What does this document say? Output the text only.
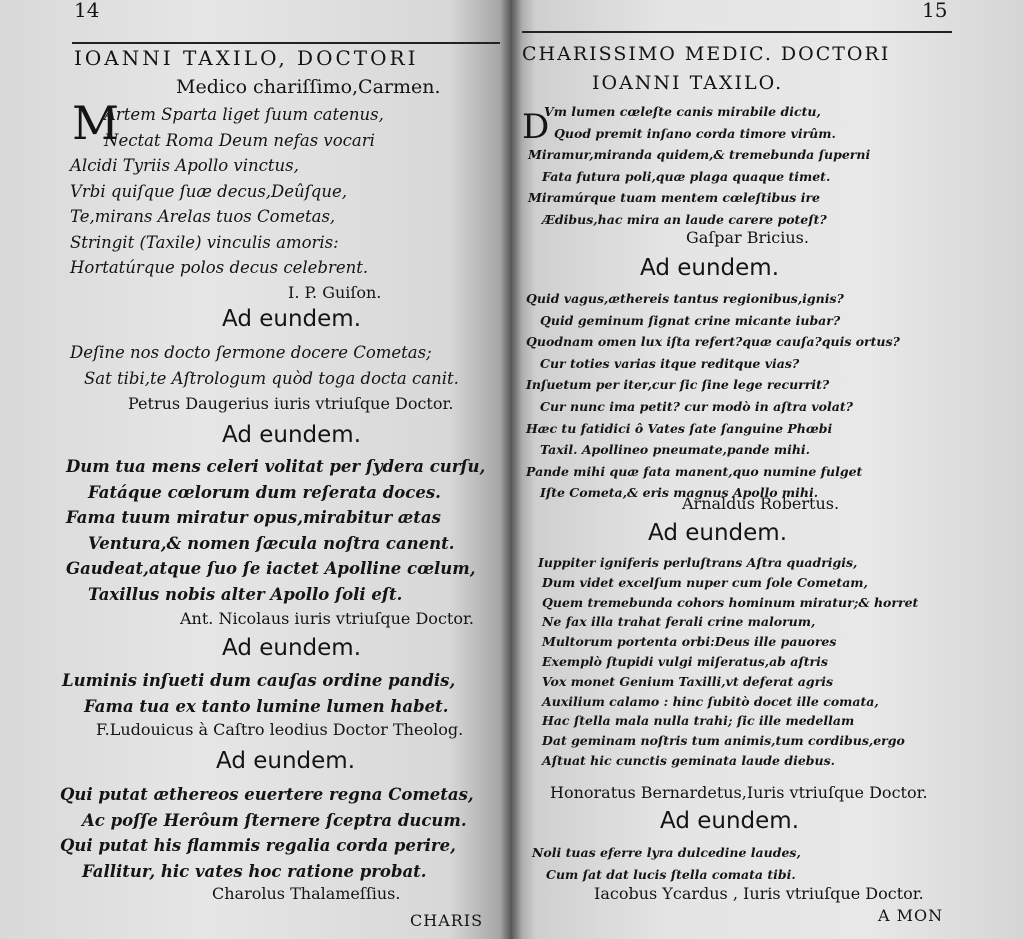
14
IOANNI TAXILO, DOCTORI
Medico chariſſimo,Carmen.
M
Artem Sparta liget ſuum catenus,
Nectat Roma Deum nefas vocari
Alcidi Tyriis Apollo vinctus,
Vrbi quiſque ſuæ decus,Deûſque,
Te,mirans Arelas tuos Cometas,
Stringit (Taxile) vinculis amoris:
Hortatúrque polos decus celebrent.
I. P. Guiſon.
Ad eundem.
Deſine nos docto ſermone docere Cometas;
Sat tibi,te Aſtrologum quòd toga docta canit.
Petrus Daugerius iuris vtriuſque Doctor.
Ad eundem.
Dum tua mens celeri volitat per ſydera curſu,
Fatáque cœlorum dum reſerata doces.
Fama tuum miratur opus,mirabitur ætas
Ventura,& nomen ſæcula noſtra canent.
Gaudeat,atque ſuo ſe iactet Apolline cœlum,
Taxillus nobis alter Apollo ſoli eſt.
Ant. Nicolaus iuris vtriuſque Doctor.
Ad eundem.
Luminis inſueti dum cauſas ordine pandis,
Fama tua ex tanto lumine lumen habet.
F.Ludouicus à Caſtro leodius Doctor Theolog.
Ad eundem.
Qui putat æthereos euertere regna Cometas,
Ac poſſe Herôum ſternere ſceptra ducum.
Qui putat his flammis regalia corda perire,
Fallitur, hic vates hoc ratione probat.
Charolus Thalameſſius.
CHARIS
15
CHARISSIMO MEDIC. DOCTORI
IOANNI TAXILO.
D
Vm lumen cœleſte canis mirabile dictu,
Quod premit inſano corda timore virûm.
Miramur,miranda quidem,& tremebunda ſuperni
Fata futura poli,quæ plaga quaque timet.
Miramúrque tuam mentem cœleſtibus ire
Ædibus,hac mira an laude carere poteſt?
Gaſpar Bricius.
Ad eundem.
Quid vagus,æthereis tantus regionibus,ignis?
Quid geminum ſignat crine micante iubar?
Quodnam omen lux iſta refert?quæ cauſa?quis ortus?
Cur toties varias itque reditque vias?
Inſuetum per iter,cur ſic ſine lege recurrit?
Cur nunc ima petit? cur modò in aſtra volat?
Hæc tu fatidici ô Vates ſate ſanguine Phœbi
Taxil. Apollineo pneumate,pande mihi.
Pande mihi quæ fata manent,quo numine fulget
Iſte Cometa,& eris magnus Apollo mihi.
Arnaldus Robertus.
Ad eundem.
Iuppiter igniferis perluſtrans Aſtra quadrigis,
Dum videt excelſum nuper cum ſole Cometam,
Quem tremebunda cohors hominum miratur;& horret
Ne fax illa trahat ferali crine malorum,
Multorum portenta orbi:Deus ille pauores
Exemplò ſtupidi vulgi miſeratus,ab aſtris
Vox monet Genium Taxilli,vt deferat agris
Auxilium calamo : hinc ſubitò docet ille comata,
Hac ſtella mala nulla trahi; ſic ille medellam
Dat geminam noſtris tum animis,tum cordibus,ergo
Aſtuat hic cunctis geminata laude diebus.
Honoratus Bernardetus,Iuris vtriuſque Doctor.
Ad eundem.
Noli tuas eferre lyra dulcedine laudes,
Cum ſat dat lucis ſtella comata tibi.
Iacobus Ycardus , Iuris vtriuſque Doctor.
A MON
